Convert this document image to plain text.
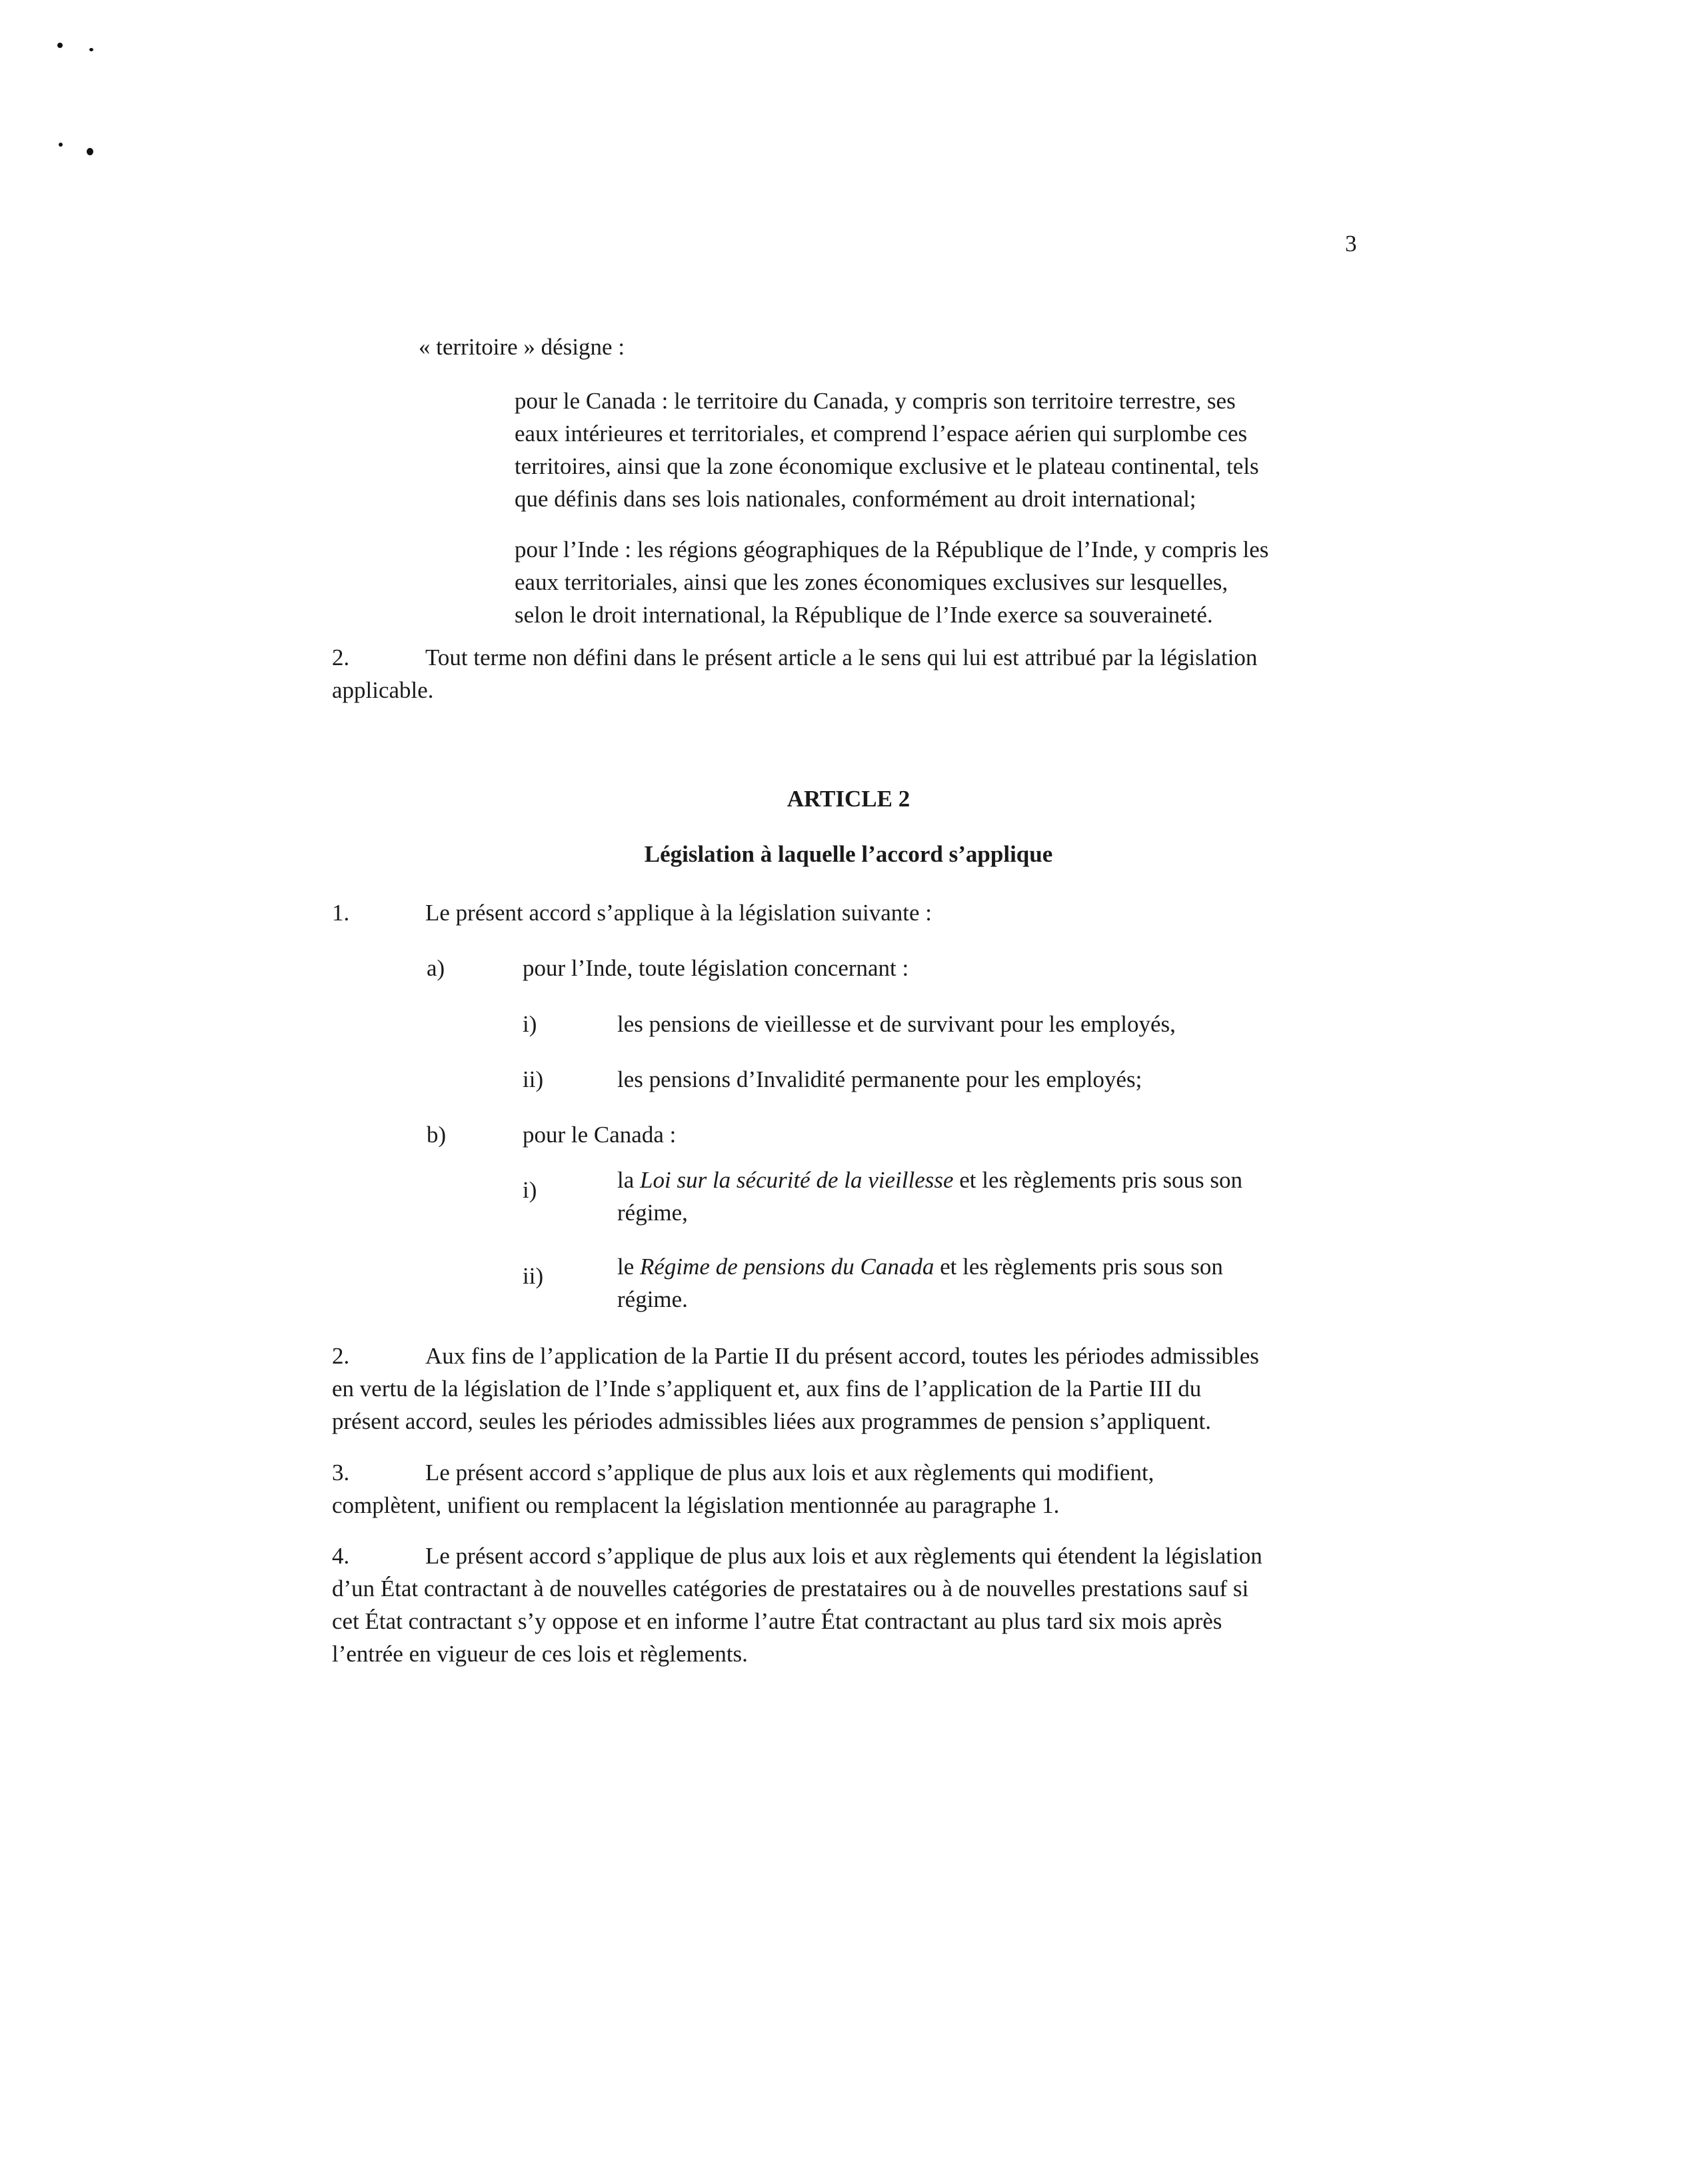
3
« territoire » désigne :

pour le Canada : le territoire du Canada, y compris son territoire terrestre, ses

eaux intérieures et territoriales, et comprend l’espace aérien qui surplombe ces

territoires, ainsi que la zone économique exclusive et le plateau continental, tels

que définis dans ses lois nationales, conformément au droit international;

pour l’Inde : les régions géographiques de la République de l’Inde, y compris les

eaux territoriales, ainsi que les zones économiques exclusives sur lesquelles,

selon le droit international, la République de l’Inde exerce sa souveraineté.

2.	Tout terme non défini dans le présent article a le sens qui lui est attribué par la législation
applicable.
ARTICLE 2
Législation à laquelle l’accord s’applique
1.	Le présent accord s’applique à la législation suivante :
a)	pour l’Inde, toute législation concernant :
i)	les pensions de vieillesse et de survivant pour les employés,
ii)	les pensions d’Invalidité permanente pour les employés;
b)	pour le Canada :
i)	la Loi sur la sécurité de la vieillesse et les règlements pris sous son
régime,
ii)	le Régime de pensions du Canada et les règlements pris sous son
régime.
2.	Aux fins de l’application de la Partie II du présent accord, toutes les périodes admissibles
en vertu de la législation de l’Inde s’appliquent et, aux fins de l’application de la Partie III du
présent accord, seules les périodes admissibles liées aux programmes de pension s’appliquent.
3.	Le présent accord s’applique de plus aux lois et aux règlements qui modifient,
complètent, unifient ou remplacent la législation mentionnée au paragraphe 1.
4.	Le présent accord s’applique de plus aux lois et aux règlements qui étendent la législation
d’un État contractant à de nouvelles catégories de prestataires ou à de nouvelles prestations sauf si
cet État contractant s’y oppose et en informe l’autre État contractant au plus tard six mois après
l’entrée en vigueur de ces lois et règlements.
